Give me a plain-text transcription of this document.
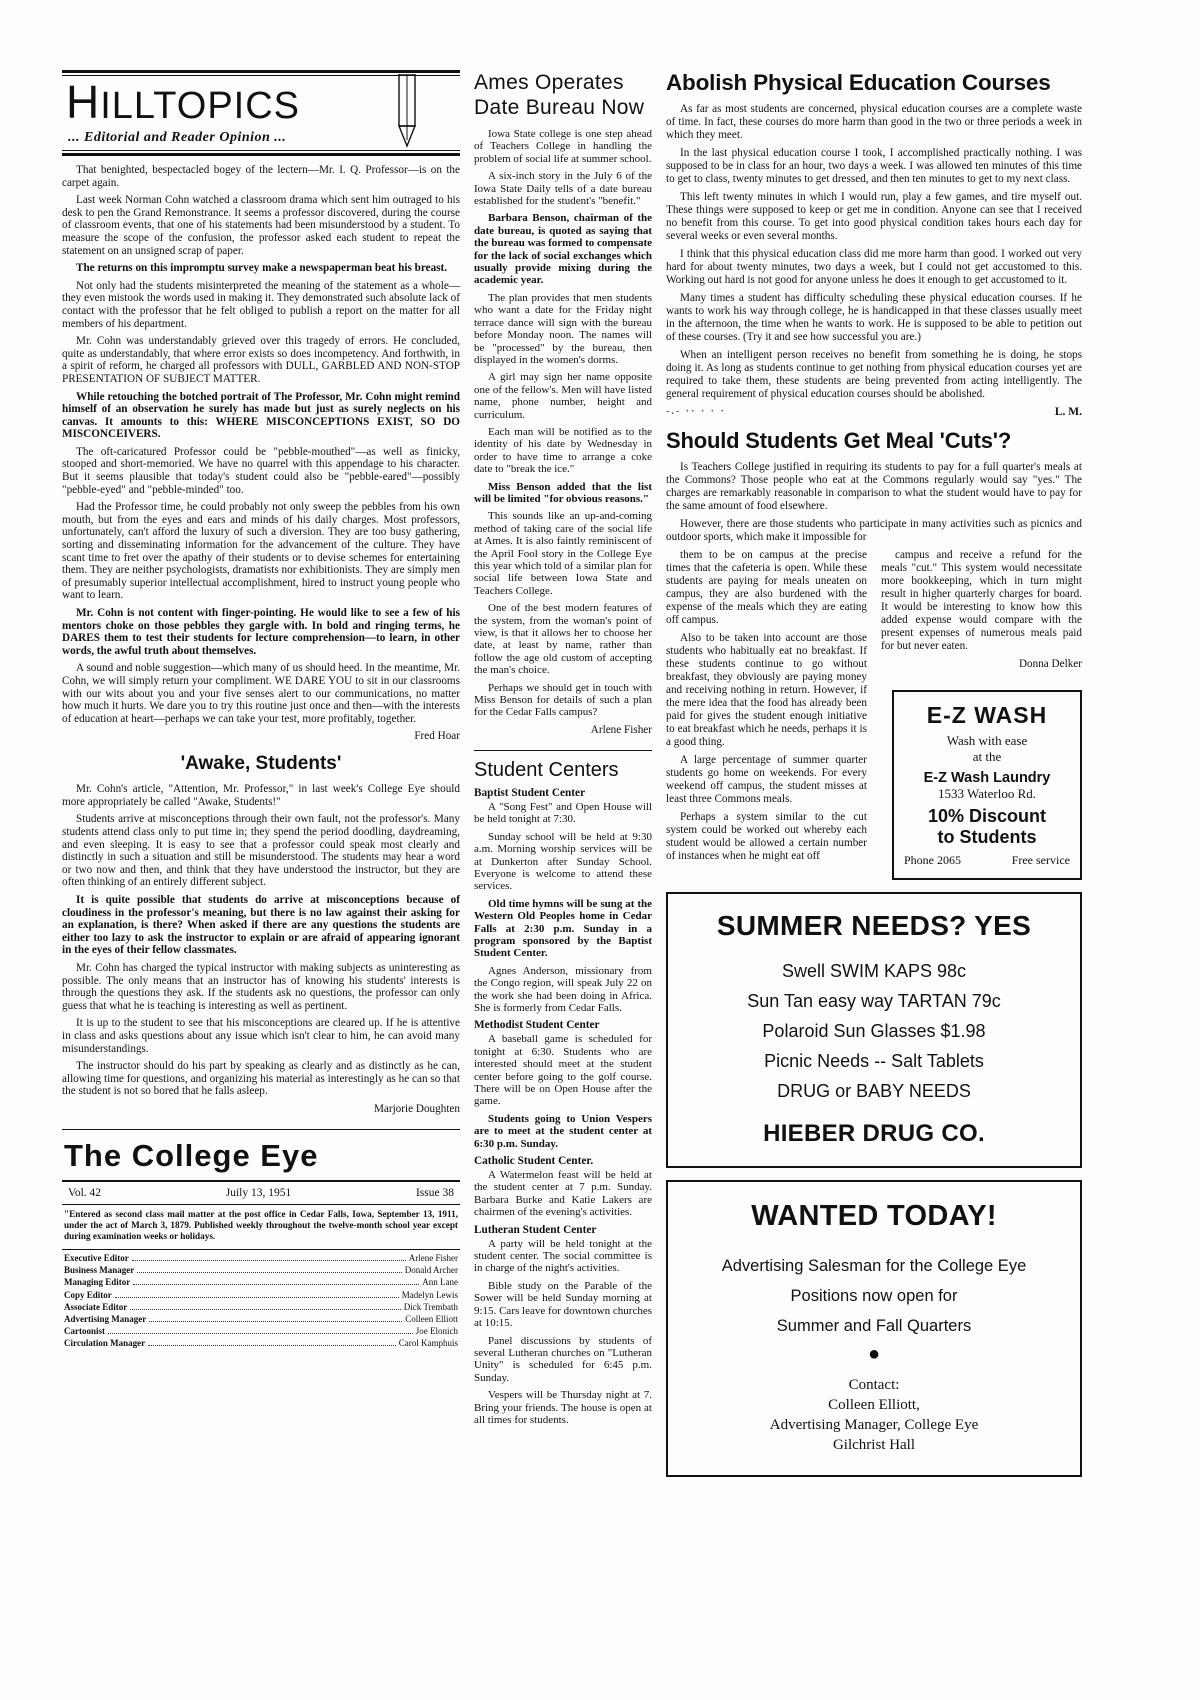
HILLTOPICS
... Editorial and Reader Opinion ...

That benighted, bespectacled bogey of the lectern—Mr. I. Q. Professor—is on the carpet again.

Last week Norman Cohn watched a classroom drama which sent him outraged to his desk to pen the Grand Remonstrance. It seems a professor discovered, during the course of classroom events, that one of his statements had been misunderstood by a student. To measure the scope of the confusion, the professor asked each student to repeat the statement on an unsigned scrap of paper.

The returns on this impromptu survey make a newspaperman beat his breast.

Not only had the students misinterpreted the meaning of the statement as a whole—they even mistook the words used in making it. They demonstrated such absolute lack of contact with the professor that he felt obliged to publish a report on the matter for all members of his department.

Mr. Cohn was understandably grieved over this tragedy of errors. He concluded, quite as understandably, that where error exists so does incompetency. And forthwith, in a spirit of reform, he charged all professors with DULL, GARBLED AND NON-STOP PRESENTATION OF SUBJECT MATTER.

While retouching the botched portrait of The Professor, Mr. Cohn might remind himself of an observation he surely has made but just as surely neglects on his canvas. It amounts to this: WHERE MISCONCEPTIONS EXIST, SO DO MISCONCEIVERS.

The oft-caricatured Professor could be "pebble-mouthed"—as well as finicky, stooped and short-memoried. We have no quarrel with this appendage to his character. But it seems plausible that today's student could also be "pebble-eared"—possibly "pebble-eyed" and "pebble-minded" too.

Had the Professor time, he could probably not only sweep the pebbles from his own mouth, but from the eyes and ears and minds of his daily charges. Most professors, unfortunately, can't afford the luxury of such a diversion. They are too busy gathering, sorting and disseminating information for the advancement of the culture. They have scant time to fret over the apathy of their students or to devise schemes for entertaining them. They are neither psychologists, dramatists nor exhibitionists. They are simply men of presumably superior intellectual accomplishment, hired to instruct young people who want to learn.

Mr. Cohn is not content with finger-pointing. He would like to see a few of his mentors choke on those pebbles they gargle with. In bold and ringing terms, he DARES them to test their students for lecture comprehension—to learn, in other words, the awful truth about themselves.

A sound and noble suggestion—which many of us should heed. In the meantime, Mr. Cohn, we will simply return your compliment. WE DARE YOU to sit in our classrooms with our wits about you and your five senses alert to our communications, no matter how much it hurts. We dare you to try this routine just once and then—with the interests of education at heart—perhaps we can take your test, more profitably, together.

Fred Hoar
'Awake, Students'

Mr. Cohn's article, "Attention, Mr. Professor," in last week's College Eye should more appropriately be called "Awake, Students!"

Students arrive at misconceptions through their own fault, not the professor's. Many students attend class only to put time in; they spend the period doodling, daydreaming, and even sleeping. It is easy to see that a professor could speak most clearly and distinctly in such a situation and still be misunderstood. The students may hear a word or two now and then, and think that they have understood the instructor, but they are often thinking of an entirely different subject.

It is quite possible that students do arrive at misconceptions because of cloudiness in the professor's meaning, but there is no law against their asking for an explanation, is there? When asked if there are any questions the students are either too lazy to ask the instructor to explain or are afraid of appearing ignorant in the eyes of their fellow classmates.

Mr. Cohn has charged the typical instructor with making subjects as uninteresting as possible. The only means that an instructor has of knowing his students' interests is through the questions they ask. If the students ask no questions, the professor can only guess that what he is teaching is interesting as well as pertinent.

It is up to the student to see that his misconceptions are cleared up. If he is attentive in class and asks questions about any issue which isn't clear to him, he can avoid many misunderstandings.

The instructor should do his part by speaking as clearly and as distinctly as he can, allowing time for questions, and organizing his material as interestingly as he can so that the student is not so bored that he falls asleep.

Marjorie Doughten
The College Eye
Vol. 42	Juily 13, 1951	Issue 38
"Entered as second class mail matter at the post office in Cedar Falls, Iowa, September 13, 1911, under the act of March 3, 1879. Published weekly throughout the twelve-month school year except during examination weeks or holidays.
Executive Editor	Arlene Fisher
Business Manager	Donald Archer
Managing Editor	Ann Lane
Copy Editor	Madelyn Lewis
Associate Editor	Dick Trembath
Advertising Manager	Colleen Elliott
Cartoonist	Joe Elonich
Circulation Manager	Carol Kamphuis
Ames Operates
Date Bureau Now

Iowa State college is one step ahead of Teachers College in handling the problem of social life at summer school.

A six-inch story in the July 6 of the Iowa State Daily tells of a date bureau established for the student's "benefit."

Barbara Benson, chairman of the date bureau, is quoted as saying that the bureau was formed to compensate for the lack of social exchanges which usually provide mixing during the academic year.

The plan provides that men students who want a date for the Friday night terrace dance will sign with the bureau before Monday noon. The names will be "processed" by the bureau, then displayed in the women's dorms.

A girl may sign her name opposite one of the fellow's. Men will have listed name, phone number, height and curriculum.

Each man will be notified as to the identity of his date by Wednesday in order to have time to arrange a coke date to "break the ice."

Miss Benson added that the list will be limited "for obvious reasons."

This sounds like an up-and-coming method of taking care of the social life at Ames. It is also faintly reminiscent of the April Fool story in the College Eye this year which told of a similar plan for social life between Iowa State and Teachers College.

One of the best modern features of the system, from the woman's point of view, is that it allows her to choose her date, at least by name, rather than follow the age old custom of accepting the man's choice.

Perhaps we should get in touch with Miss Benson for details of such a plan for the Cedar Falls campus?

Arlene Fisher
Student Centers
Baptist Student Center

A "Song Fest" and Open House will be held tonight at 7:30.

Sunday school will be held at 9:30 a.m. Morning worship services will be at Dunkerton after Sunday School. Everyone is welcome to attend these services.

Old time hymns will be sung at the Western Old Peoples home in Cedar Falls at 2:30 p.m. Sunday in a program sponsored by the Baptist Student Center.

Agnes Anderson, missionary from the Congo region, will speak July 22 on the work she had been doing in Africa. She is formerly from Cedar Falls.

Methodist Student Center

A baseball game is scheduled for tonight at 6:30. Students who are interested should meet at the student center before going to the golf course. There will be on Open House after the game.

Students going to Union Vespers are to meet at the student center at 6:30 p.m. Sunday.

Catholic Student Center.

A Watermelon feast will be held at the student center at 7 p.m. Sunday. Barbara Burke and Katie Lakers are chairmen of the evening's activities.

Lutheran Student Center

A party will be held tonight at the student center. The social committee is in charge of the night's activities.

Bible study on the Parable of the Sower will be held Sunday morning at 9:15. Cars leave for downtown churches at 10:15.

Panel discussions by students of several Lutheran churches on "Lutheran Unity" is scheduled for 6:45 p.m. Sunday.

Vespers will be Thursday night at 7. Bring your friends. The house is open at all times for students.

Abolish Physical Education Courses

As far as most students are concerned, physical education courses are a complete waste of time. In fact, these courses do more harm than good in the two or three periods a week in which they meet.

In the last physical education course I took, I accomplished practically nothing. I was supposed to be in class for an hour, two days a week. I was allowed ten minutes of this time to get to class, twenty minutes to get dressed, and then ten minutes to get to my next class.

This left twenty minutes in which I would run, play a few games, and tire myself out. These things were supposed to keep or get me in condition. Anyone can see that I received no benefit from this course. To get into good physical condition takes hours each day for several weeks or even several months.

I think that this physical education class did me more harm than good. I worked out very hard for about twenty minutes, two days a week, but I could not get accustomed to this. Working out hard is not good for anyone unless he does it enough to get accustomed to it.

Many times a student has difficulty scheduling these physical education courses. If he wants to work his way through college, he is handicapped in that these classes usually meet in the afternoon, the time when he wants to work. He is supposed to be able to petition out of these courses. (Try it and see how successful you are.)

When an intelligent person receives no benefit from something he is doing, he stops doing it. As long as students continue to get nothing from physical education courses yet are required to take them, these students are being prevented from acting intelligently. The general requirement of physical education courses should be abolished.

-.- ·· · · ·	L. M.
Should Students Get Meal 'Cuts'?

Is Teachers College justified in requiring its students to pay for a full quarter's meals at the Commons? Those people who eat at the Commons regularly would say "yes." The charges are remarkably reasonable in comparison to what the student would have to pay for the same amount of food elsewhere.

However, there are those students who participate in many activities such as picnics and outdoor sports, which make it impossible for

them to be on campus at the precise times that the cafeteria is open. While these students are paying for meals uneaten on campus, they are also burdened with the expense of the meals which they are eating off campus.

Also to be taken into account are those students who habitually eat no breakfast. If these students continue to go without breakfast, they obviously are paying money and receiving nothing in return. However, if the mere idea that the food has already been paid for gives the student enough initiative to eat breakfast which he needs, perhaps it is a good thing.

A large percentage of summer quarter students go home on weekends. For every weekend off campus, the student misses at least three Commons meals.

Perhaps a system similar to the cut system could be worked out whereby each student would be allowed a certain number of instances when he might eat off

campus and receive a refund for the meals "cut." This system would necessitate more bookkeeping, which in turn might result in higher quarterly charges for board. It would be interesting to know how this added expense would compare with the present expenses of numerous meals paid for but never eaten.

Donna Delker
E-Z WASH
Wash with ease
at the
E-Z Wash Laundry
1533 Waterloo Rd.
10% Discount
to Students
Phone 2065	Free service
SUMMER NEEDS? YES
Swell SWIM KAPS 98c
Sun Tan easy way TARTAN 79c
Polaroid Sun Glasses $1.98
Picnic Needs -- Salt Tablets
DRUG or BABY NEEDS
HIEBER DRUG CO.
WANTED TODAY!
Advertising Salesman for the College Eye
Positions now open for
Summer and Fall Quarters
●
Contact:
Colleen Elliott,
Advertising Manager, College Eye
Gilchrist Hall
